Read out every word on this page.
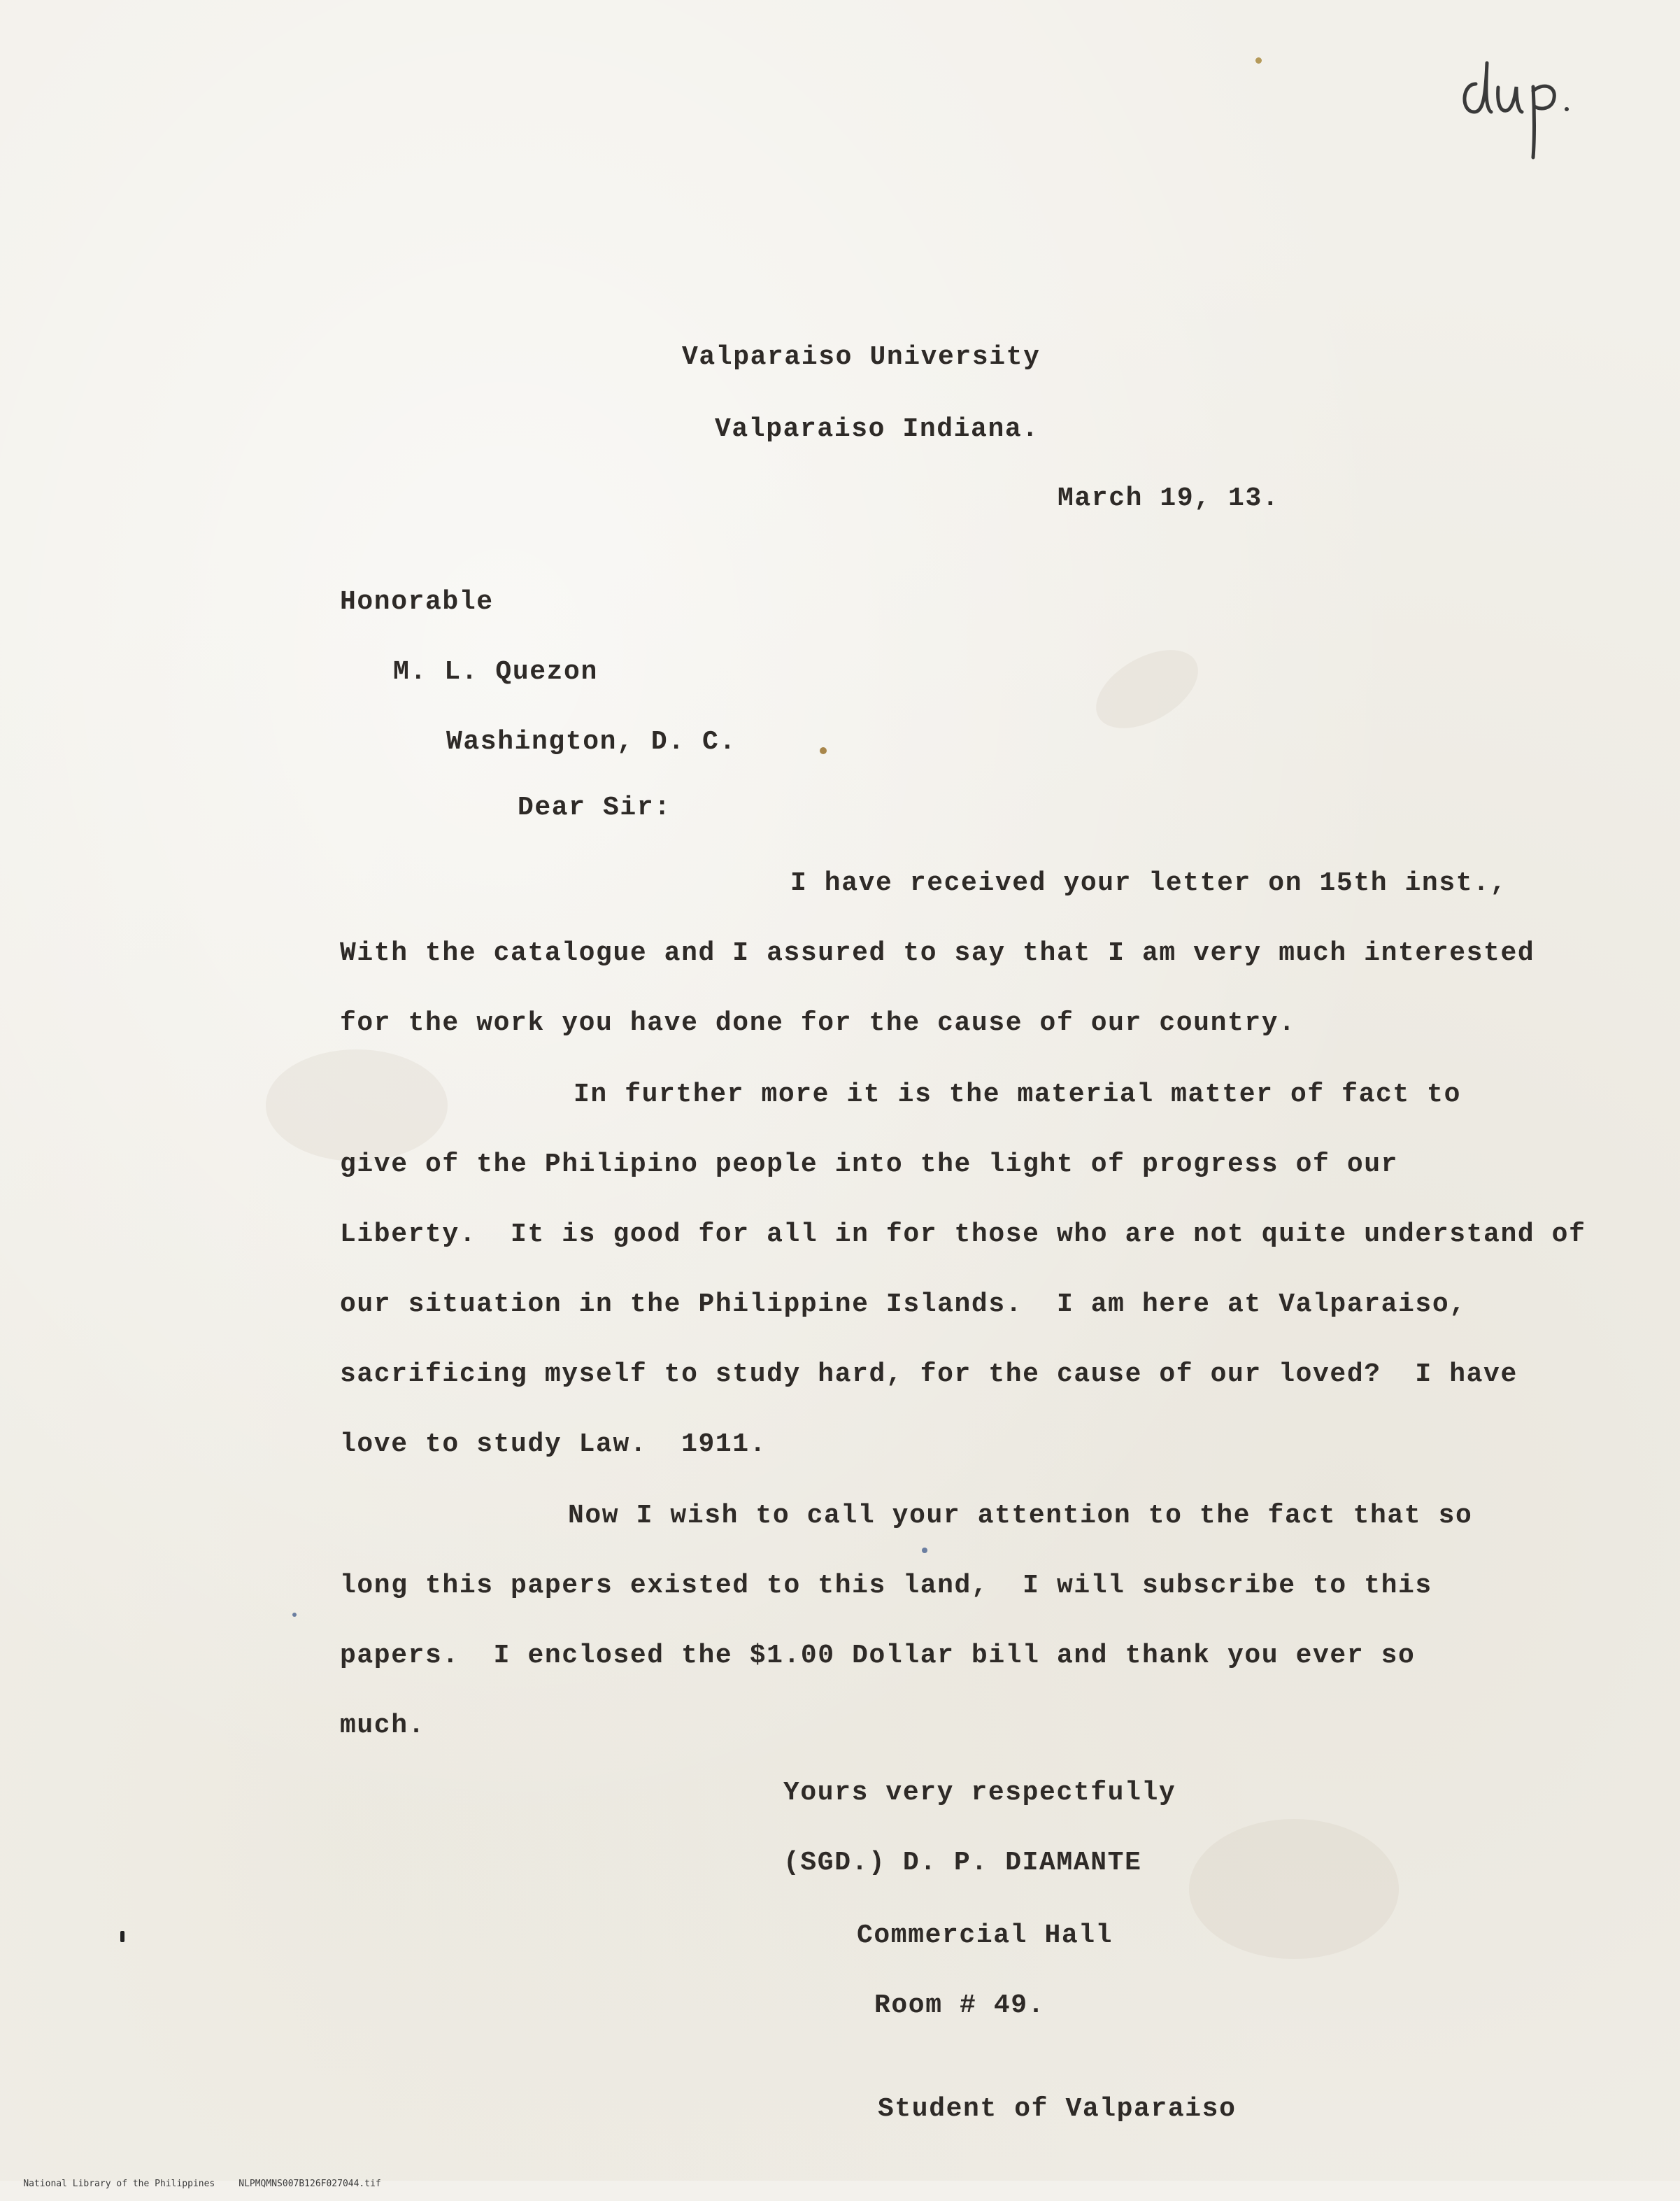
Valparaiso University
Valparaiso Indiana.
March 19, 13.
Honorable
M. L. Quezon
Washington, D. C.
Dear Sir:
I have received your letter on 15th inst.,
With the catalogue and I assured to say that I am very much interested
for the work you have done for the cause of our country.
In further more it is the material matter of fact to
give of the Philipino people into the light of progress of our
Liberty.  It is good for all in for those who are not quite understand of
our situation in the Philippine Islands.  I am here at Valparaiso,
sacrificing myself to study hard, for the cause of our loved?  I have
love to study Law.  1911.
Now I wish to call your attention to the fact that so
long this papers existed to this land,  I will subscribe to this
papers.  I enclosed the $1.00 Dollar bill and thank you ever so
much.
Yours very respectfully
(SGD.) D. P. DIAMANTE
Commercial Hall
Room # 49.
Student of Valparaiso

National Library of the Philippines	NLPMQMNS007B126F027044.tif
